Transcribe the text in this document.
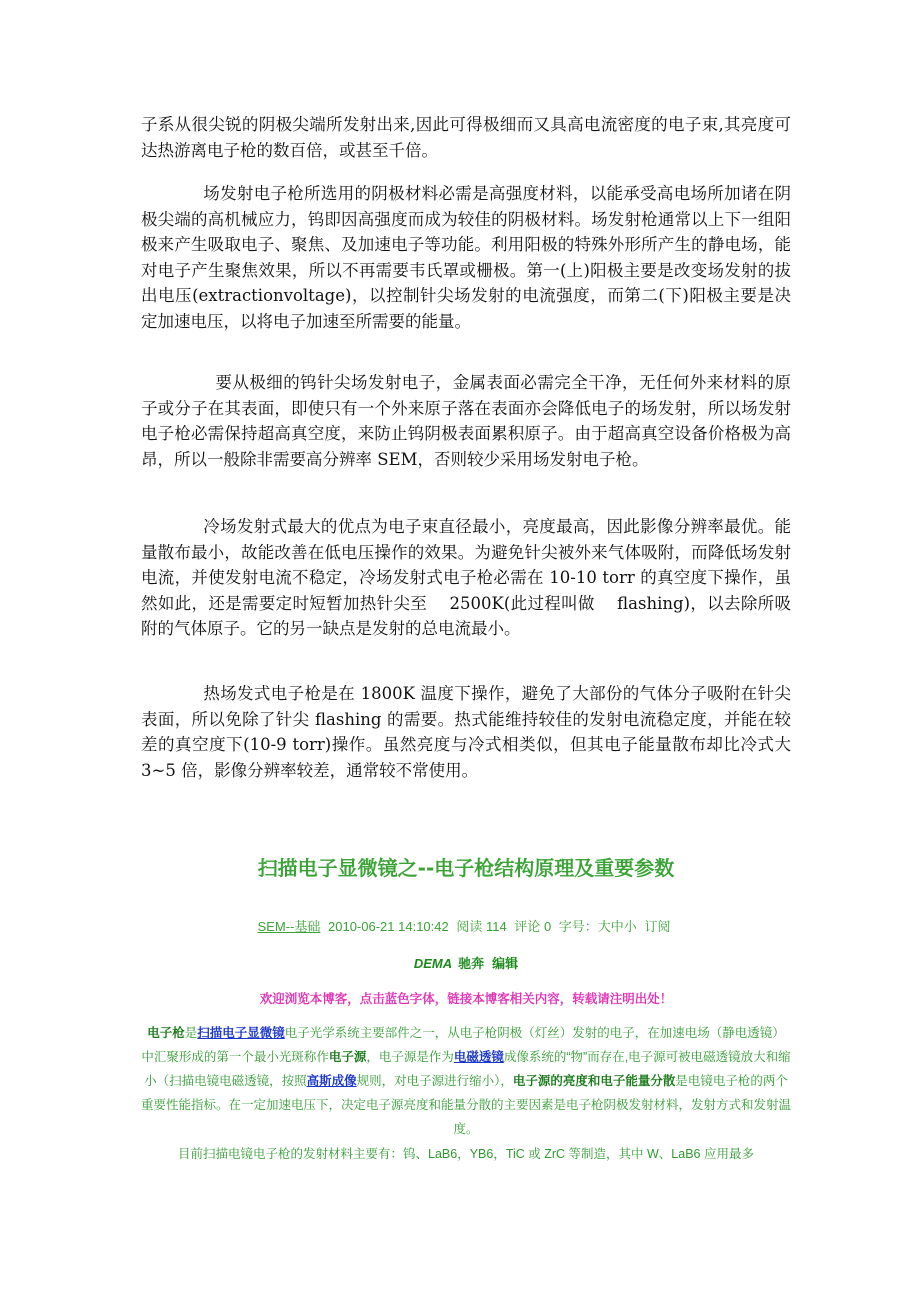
子系从很尖锐的阴极尖端所发射出来,因此可得极细而又具高电流密度的电子束,其亮度可达热游离电子枪的数百倍，或甚至千倍。
场发射电子枪所选用的阴极材料必需是高强度材料，以能承受高电场所加诸在阴极尖端的高机械应力，钨即因高强度而成为较佳的阴极材料。场发射枪通常以上下一组阳极来产生吸取电子、聚焦、及加速电子等功能。利用阳极的特殊外形所产生的静电场，能对电子产生聚焦效果，所以不再需要韦氏罩或栅极。第一(上)阳极主要是改变场发射的拔出电压(extractionvoltage)，以控制针尖场发射的电流强度，而第二(下)阳极主要是决定加速电压，以将电子加速至所需要的能量。
要从极细的钨针尖场发射电子，金属表面必需完全干净，无任何外来材料的原子或分子在其表面，即使只有一个外来原子落在表面亦会降低电子的场发射，所以场发射电子枪必需保持超高真空度，来防止钨阴极表面累积原子。由于超高真空设备价格极为高昂，所以一般除非需要高分辨率 SEM，否则较少采用场发射电子枪。
冷场发射式最大的优点为电子束直径最小，亮度最高，因此影像分辨率最优。能量散布最小，故能改善在低电压操作的效果。为避免针尖被外来气体吸附，而降低场发射电流，并使发射电流不稳定，冷场发射式电子枪必需在 10-10 torr 的真空度下操作，虽然如此，还是需要定时短暂加热针尖至　 2500K(此过程叫做　 flashing)，以去除所吸附的气体原子。它的另一缺点是发射的总电流最小。
热场发式电子枪是在 1800K 温度下操作，避免了大部份的气体分子吸附在针尖表面，所以免除了针尖 flashing 的需要。热式能维持较佳的发射电流稳定度，并能在较差的真空度下(10-9 torr)操作。虽然亮度与冷式相类似，但其电子能量散布却比冷式大 3~5 倍，影像分辨率较差，通常较不常使用。
扫描电子显微镜之--电子枪结构原理及重要参数
SEM--基础 2010-06-21 14:10:42 阅读 114 评论 0 字号：大中小 订阅
DEMA 驰奔 编辑
欢迎浏览本博客，点击蓝色字体，链接本博客相关内容，转载请注明出处！
电子枪是扫描电子显微镜电子光学系统主要部件之一，从电子枪阴极（灯丝）发射的电子，在加速电场（静电透镜）中汇聚形成的第一个最小光斑称作电子源，电子源是作为电磁透镜成像系统的“物”而存在,电子源可被电磁透镜放大和缩小（扫描电镜电磁透镜，按照高斯成像规则，对电子源进行缩小），电子源的亮度和电子能量分散是电镜电子枪的两个重要性能指标。在一定加速电压下，决定电子源亮度和能量分散的主要因素是电子枪阴极发射材料，发射方式和发射温度。
目前扫描电镜电子枪的发射材料主要有：钨、LaB6，YB6，TiC 或 ZrC 等制造，其中 W、LaB6 应用最多
